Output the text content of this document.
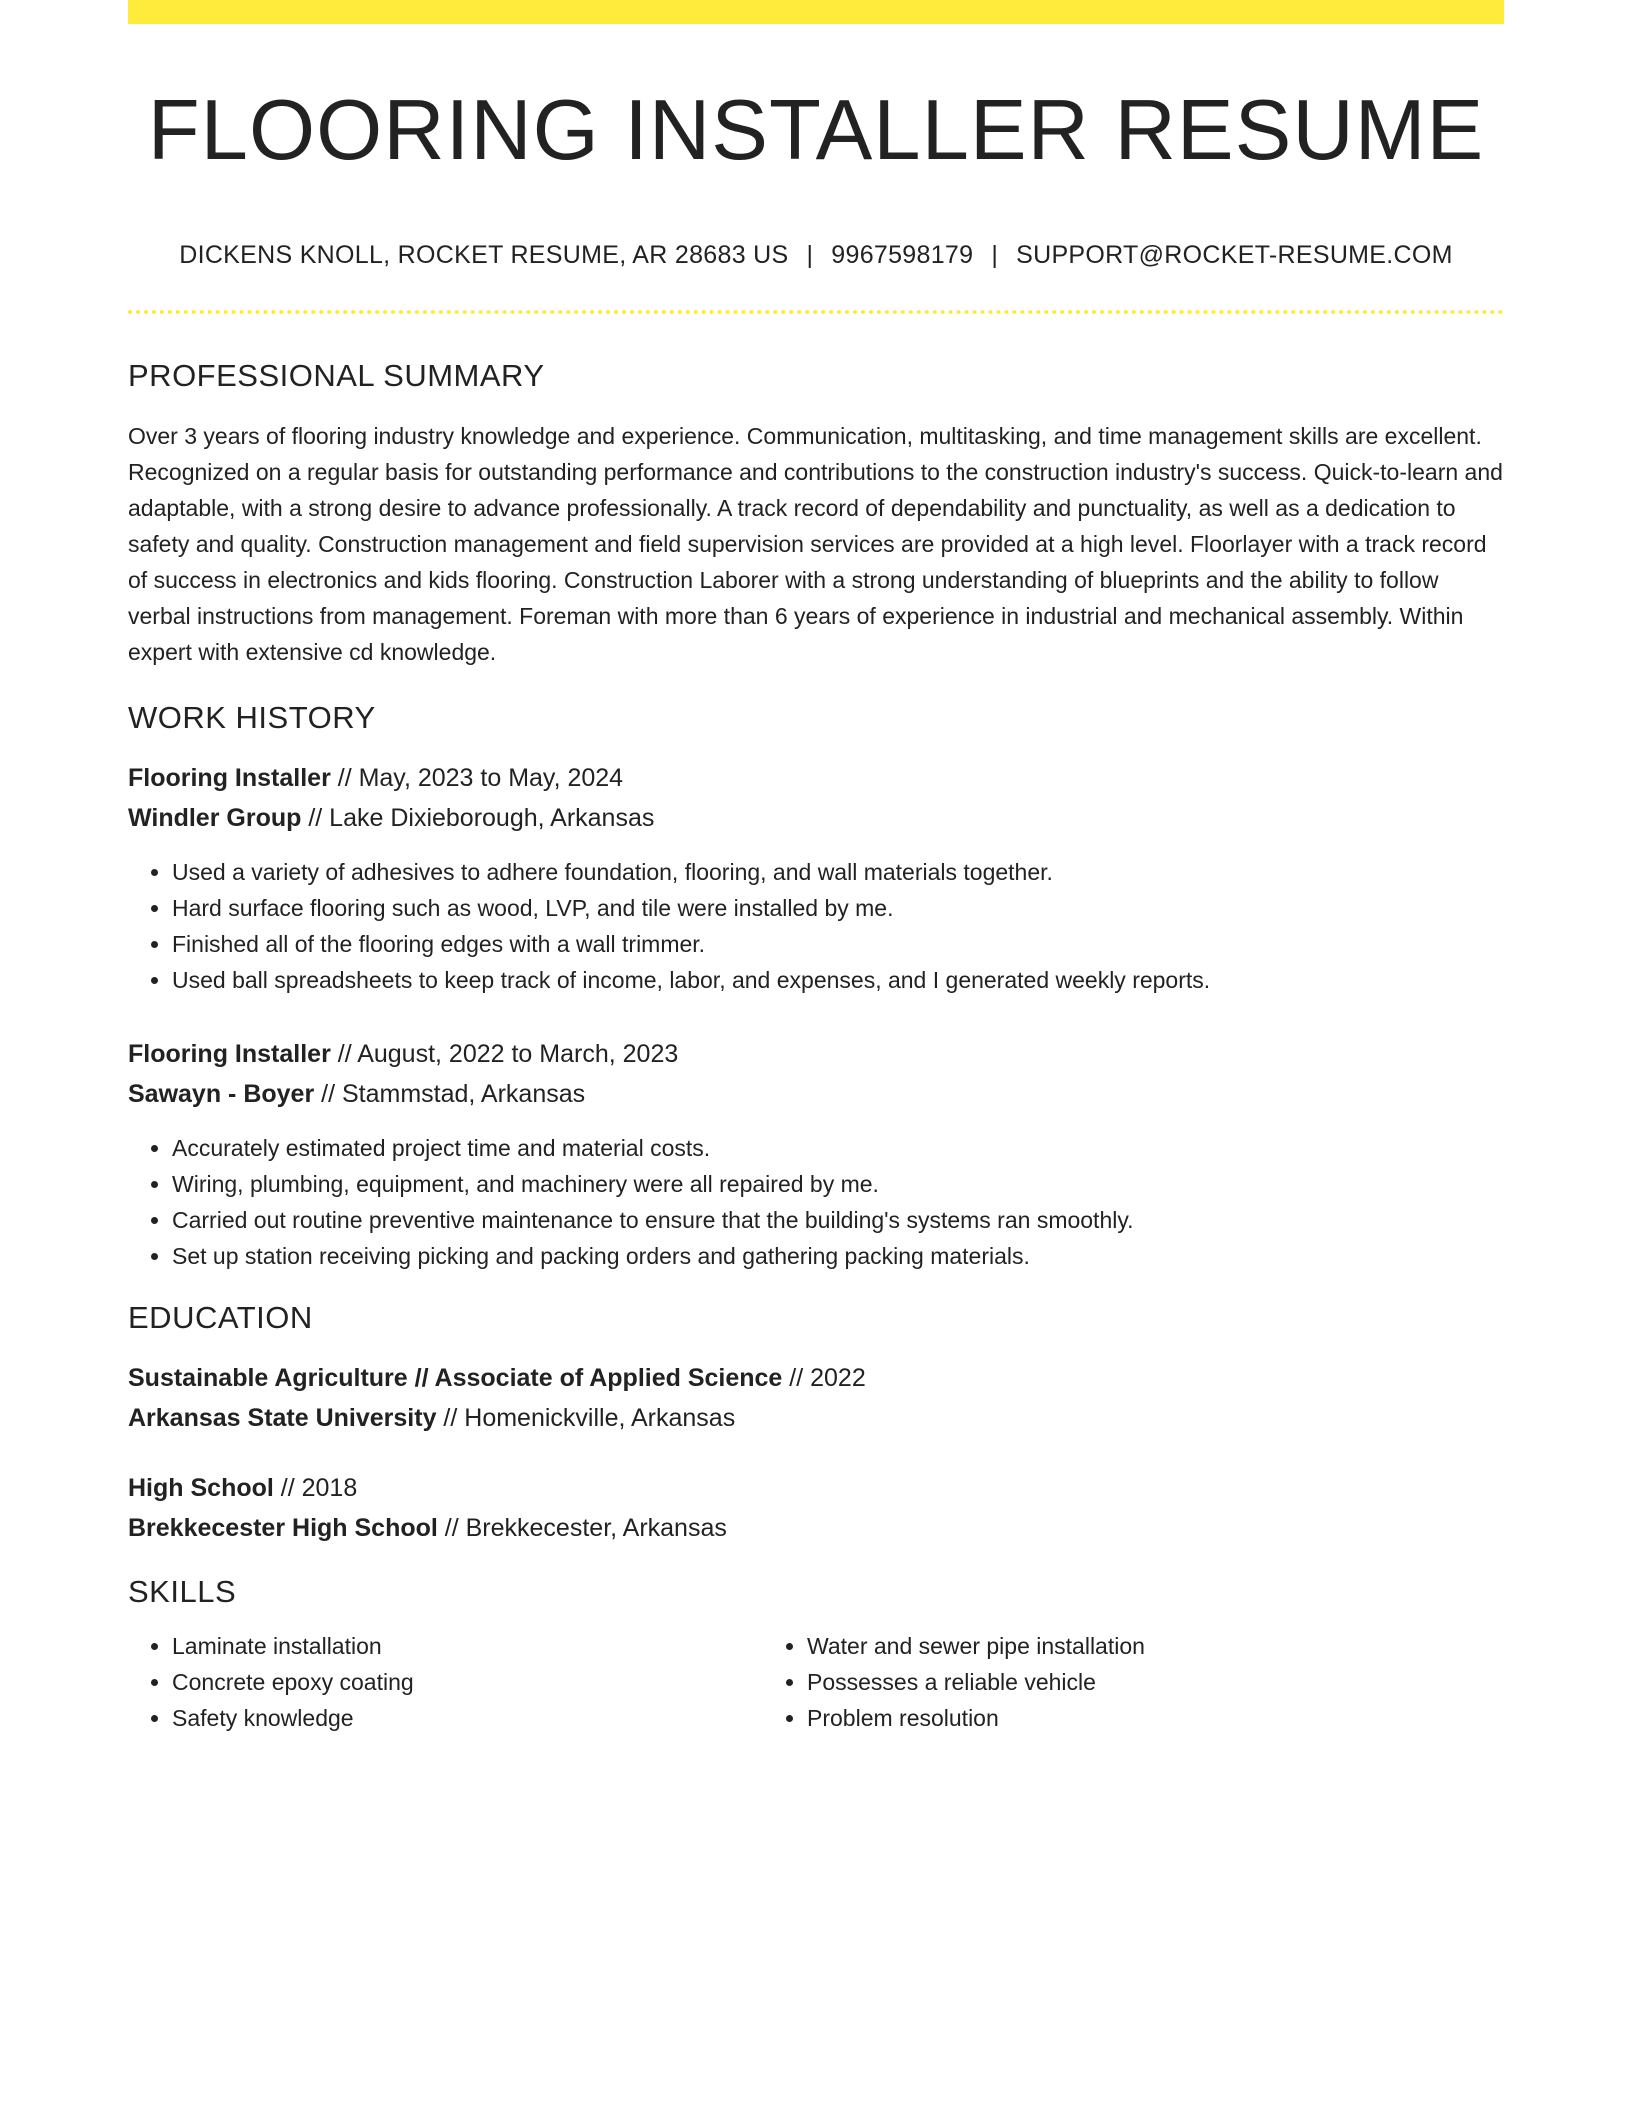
FLOORING INSTALLER RESUME
DICKENS KNOLL, ROCKET RESUME, AR 28683 US | 9967598179 | SUPPORT@ROCKET-RESUME.COM
PROFESSIONAL SUMMARY

Over 3 years of flooring industry knowledge and experience. Communication, multitasking, and time management skills are excellent. Recognized on a regular basis for outstanding performance and contributions to the construction industry's success. Quick-to-learn and adaptable, with a strong desire to advance professionally. A track record of dependability and punctuality, as well as a dedication to safety and quality. Construction management and field supervision services are provided at a high level. Floorlayer with a track record of success in electronics and kids flooring. Construction Laborer with a strong understanding of blueprints and the ability to follow verbal instructions from management. Foreman with more than 6 years of experience in industrial and mechanical assembly. Within expert with extensive cd knowledge.

WORK HISTORY
Flooring Installer // May, 2023 to May, 2024
Windler Group // Lake Dixieborough, Arkansas
• Used a variety of adhesives to adhere foundation, flooring, and wall materials together.
• Hard surface flooring such as wood, LVP, and tile were installed by me.
• Finished all of the flooring edges with a wall trimmer.
• Used ball spreadsheets to keep track of income, labor, and expenses, and I generated weekly reports.
Flooring Installer // August, 2022 to March, 2023
Sawayn - Boyer // Stammstad, Arkansas
• Accurately estimated project time and material costs.
• Wiring, plumbing, equipment, and machinery were all repaired by me.
• Carried out routine preventive maintenance to ensure that the building's systems ran smoothly.
• Set up station receiving picking and packing orders and gathering packing materials.
EDUCATION
Sustainable Agriculture // Associate of Applied Science // 2022
Arkansas State University // Homenickville, Arkansas
High School // 2018
Brekkecester High School // Brekkecester, Arkansas
SKILLS
• Laminate installation
• Concrete epoxy coating
• Safety knowledge
• Water and sewer pipe installation
• Possesses a reliable vehicle
• Problem resolution
